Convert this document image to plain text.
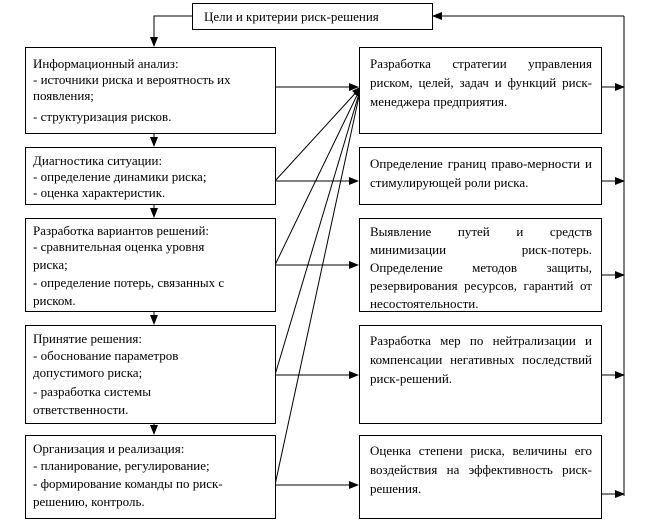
Цели и критерии риск-решения
Информационный анализ:
- источники риска и вероятность их
появления;
- структуризация рисков.
Диагностика ситуации:
- определение динамики риска;
- оценка характеристик.
Разработка вариантов решений:
- сравнительная оценка уровня
риска;
- определение потерь, связанных с
риском.
Принятие решения:
- обоснование параметров
допустимого риска;
- разработка системы
ответственности.
Организация и реализация:
- планирование, регулирование;
- формирование команды по риск-
решению, контроль.
Разработка стратегии управления риском, целей, задач и функций риск-менеджера предприятия.
Определение границ право-мерности и стимулирующей роли риска.
Выявление путей и средств минимизации риск-потерь. Определение методов защиты, резервирования ресурсов, гарантий от несостоятельности.
Разработка мер по нейтрализации и компенсации негативных последствий риск-решений.
Оценка степени риска, величины его воздействия на эффективность риск-решения.
